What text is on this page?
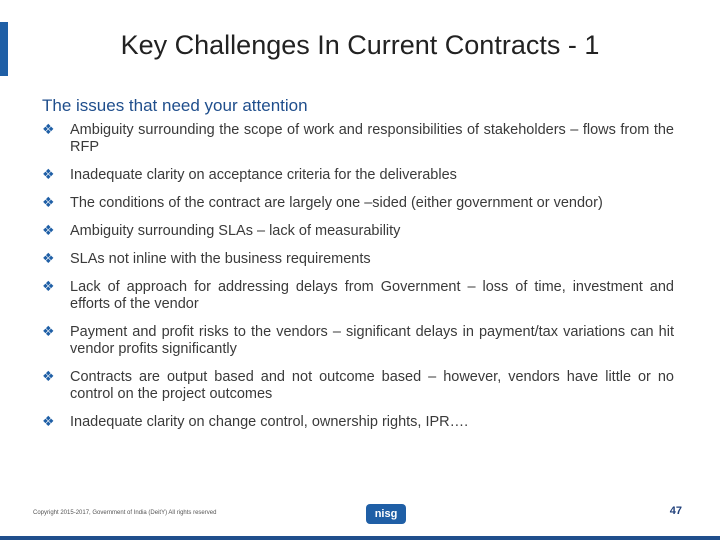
Key Challenges In Current Contracts - 1
The issues that need your attention
❖ Ambiguity surrounding the scope of work and responsibilities of stakeholders – flows from the RFP
❖ Inadequate clarity on acceptance criteria for the deliverables
❖ The conditions of the contract are largely one –sided (either government or vendor)
❖ Ambiguity surrounding SLAs – lack of measurability
❖ SLAs not inline with the business requirements
❖ Lack of approach for addressing delays from Government – loss of time, investment and efforts of the vendor
❖ Payment and profit risks to the vendors – significant delays in payment/tax variations can hit vendor profits significantly
❖ Contracts are output based and not outcome based – however, vendors have little or no control on the project outcomes
❖ Inadequate clarity on change control, ownership rights, IPR….
Copyright 2015-2017, Government of India (DeitY) All rights reserved	nisg	47
